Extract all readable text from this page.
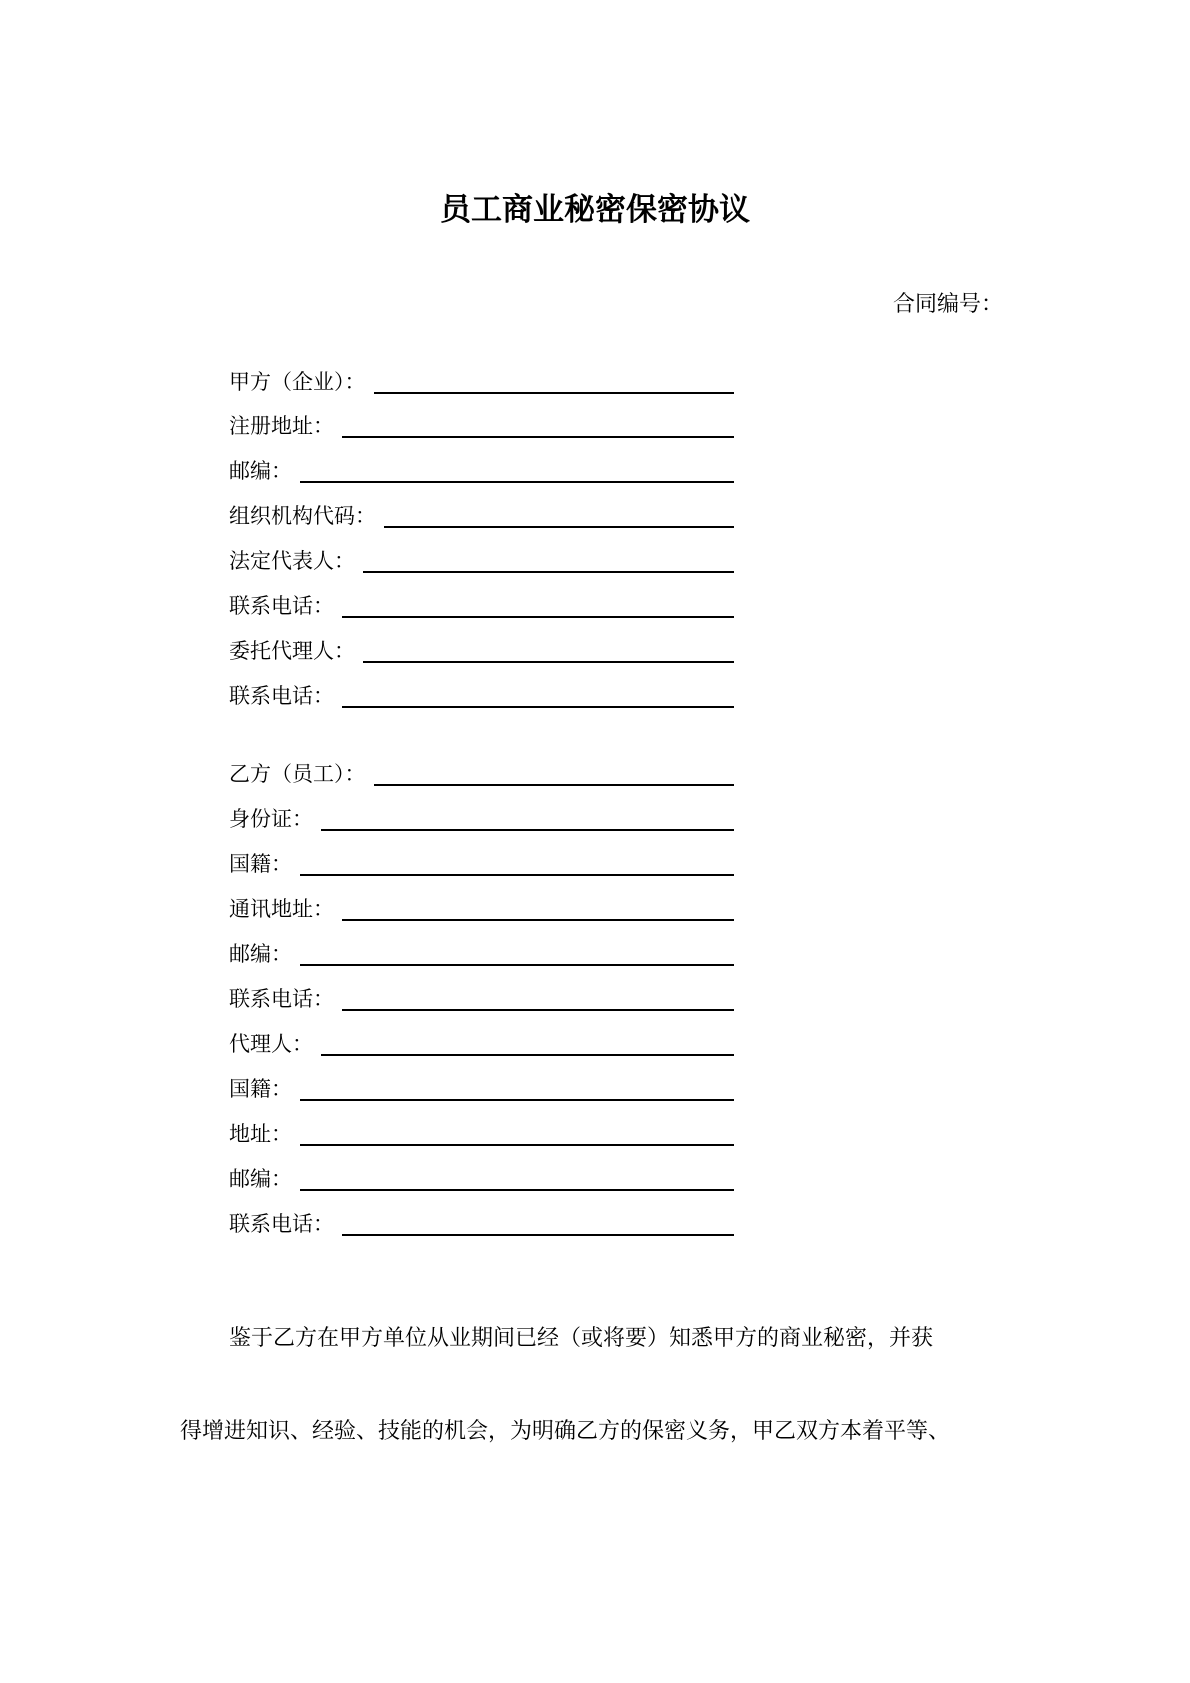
员工商业秘密保密协议
合同编号：
甲方（企业）：
注册地址：
邮编：
组织机构代码：
法定代表人：
联系电话：
委托代理人：
联系电话：
乙方（员工）：
身份证：
国籍：
通讯地址：
邮编：
联系电话：
代理人：
国籍：
地址：
邮编：
联系电话：
鉴于乙方在甲方单位从业期间已经（或将要）知悉甲方的商业秘密，并获
得增进知识、经验、技能的机会，为明确乙方的保密义务，甲乙双方本着平等、
